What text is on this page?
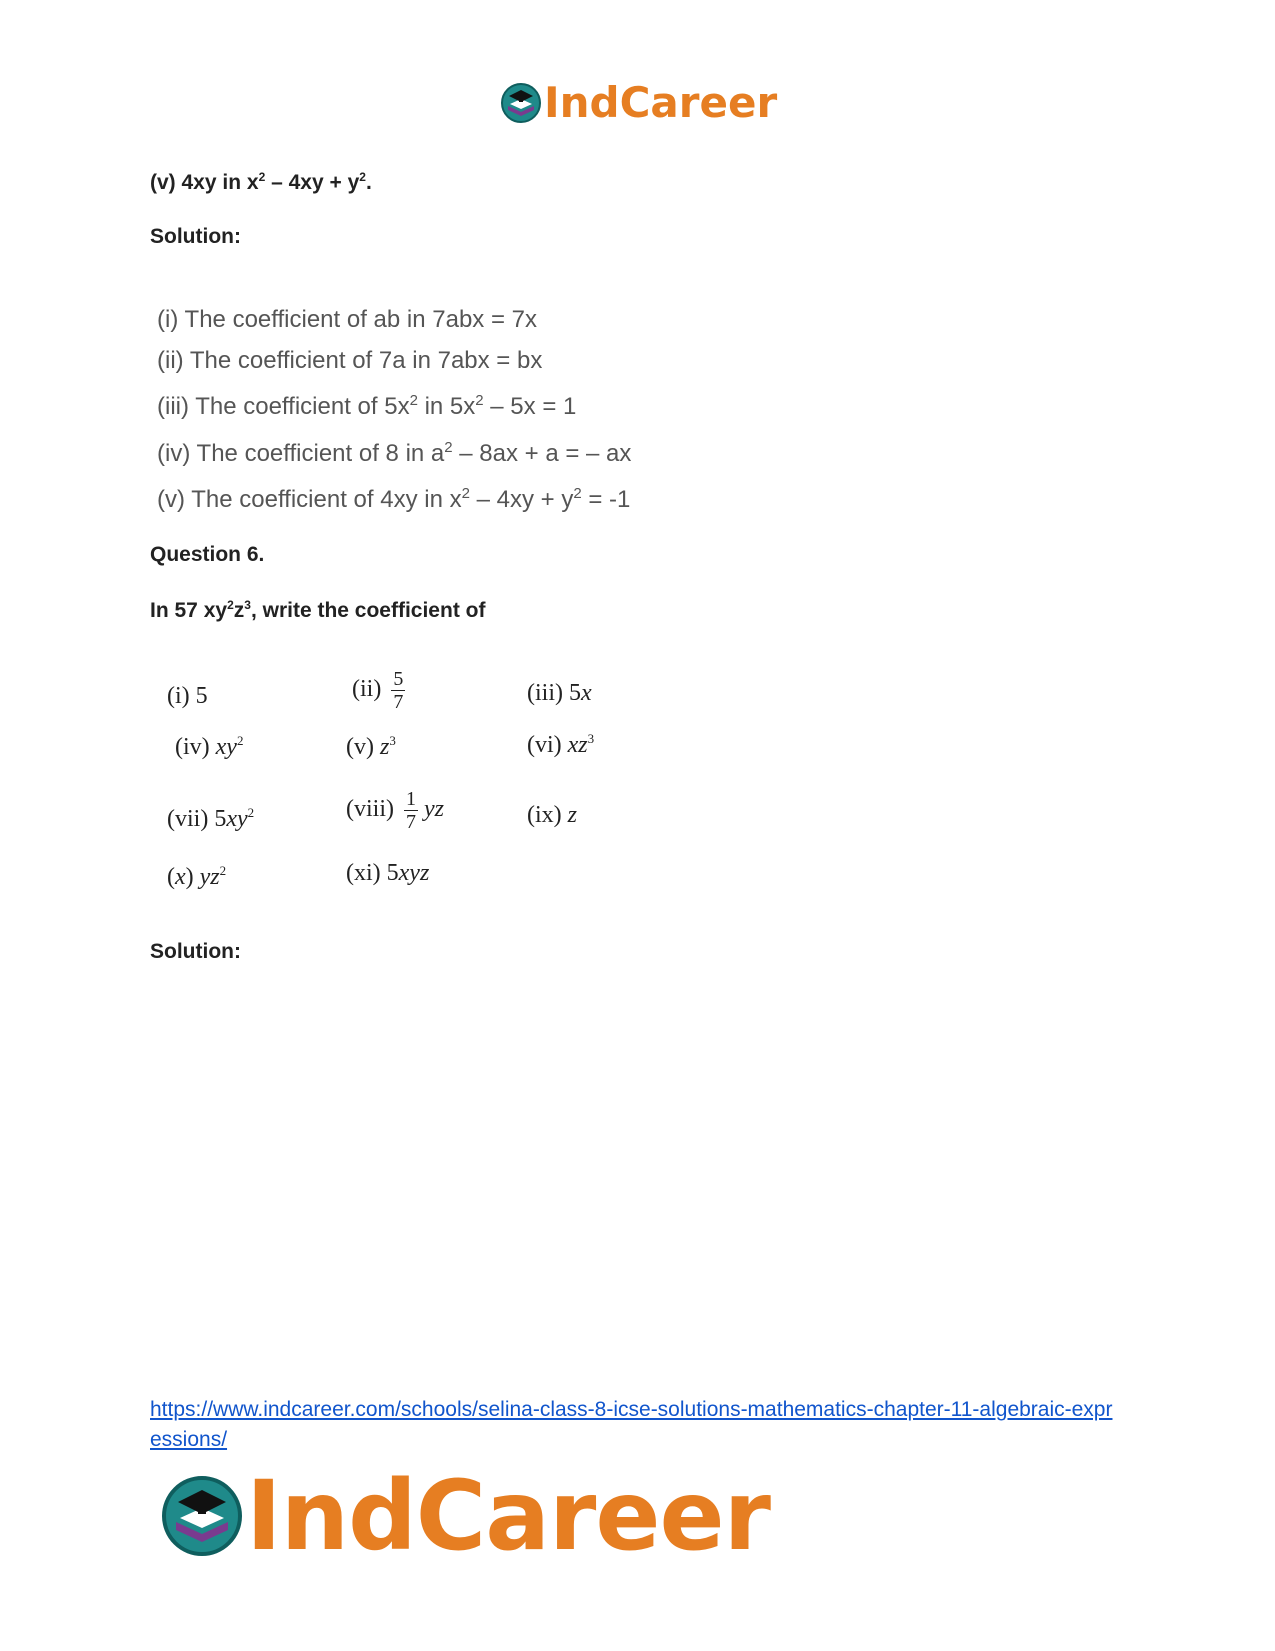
IndCareer
(v) 4xy in $x^2 - 4xy + y^2$.
Solution:
(i) The coefficient of ab in 7abx = 7x
(ii) The coefficient of 7a in 7abx = bx
(iii) The coefficient of $5x^2$ in $5x^2 - 5x = 1$
(iv) The coefficient of 8 in $a^2 - 8ax + a$ = – ax
(v) The coefficient of 4xy in $x^2 - 4xy + y^2 = -1$
Question 6.
In 57 $xy^2z^3$, write the coefficient of
(i) 5	$(ii) \frac{5}{7}$	(iii) 5x
(iv) $xy^2$	(v) $z^3$	(vi) $xz^3$
(vii) $5xy^2$	(viii) $\frac{1}{7}$ yz	(ix) z
(x) $yz^2$	(xi) 5xyz
Solution:
https://www.indcareer.com/schools/selina-class-8-icse-solutions-mathematics-chapter-11-algebraic-expressions/
IndCareer
